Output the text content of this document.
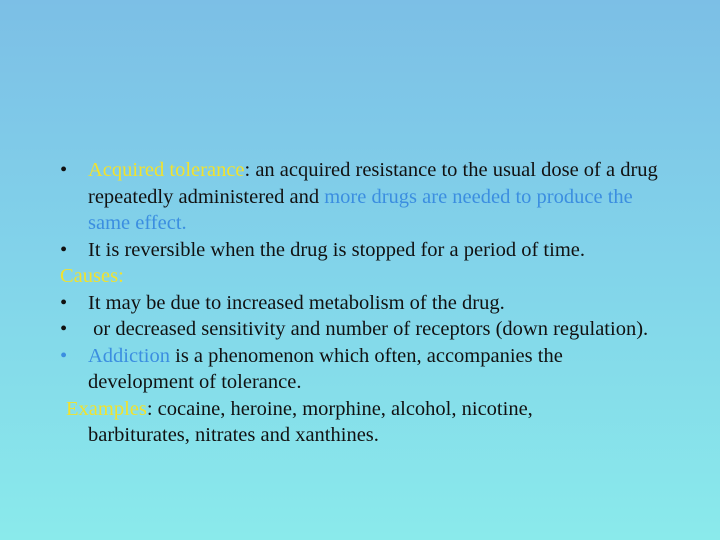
•	Acquired tolerance: an acquired resistance to the usual dose of a drug repeatedly administered and more drugs are needed to produce the same effect.
•	It is reversible when the drug is stopped for a period of time.
Causes:
•	It may be due to increased metabolism of the drug.
•	or decreased sensitivity and number of receptors (down regulation).
•	Addiction is a phenomenon which often, accompanies the development of tolerance.
Examples: cocaine, heroine, morphine, alcohol, nicotine,
barbiturates, nitrates and xanthines.
